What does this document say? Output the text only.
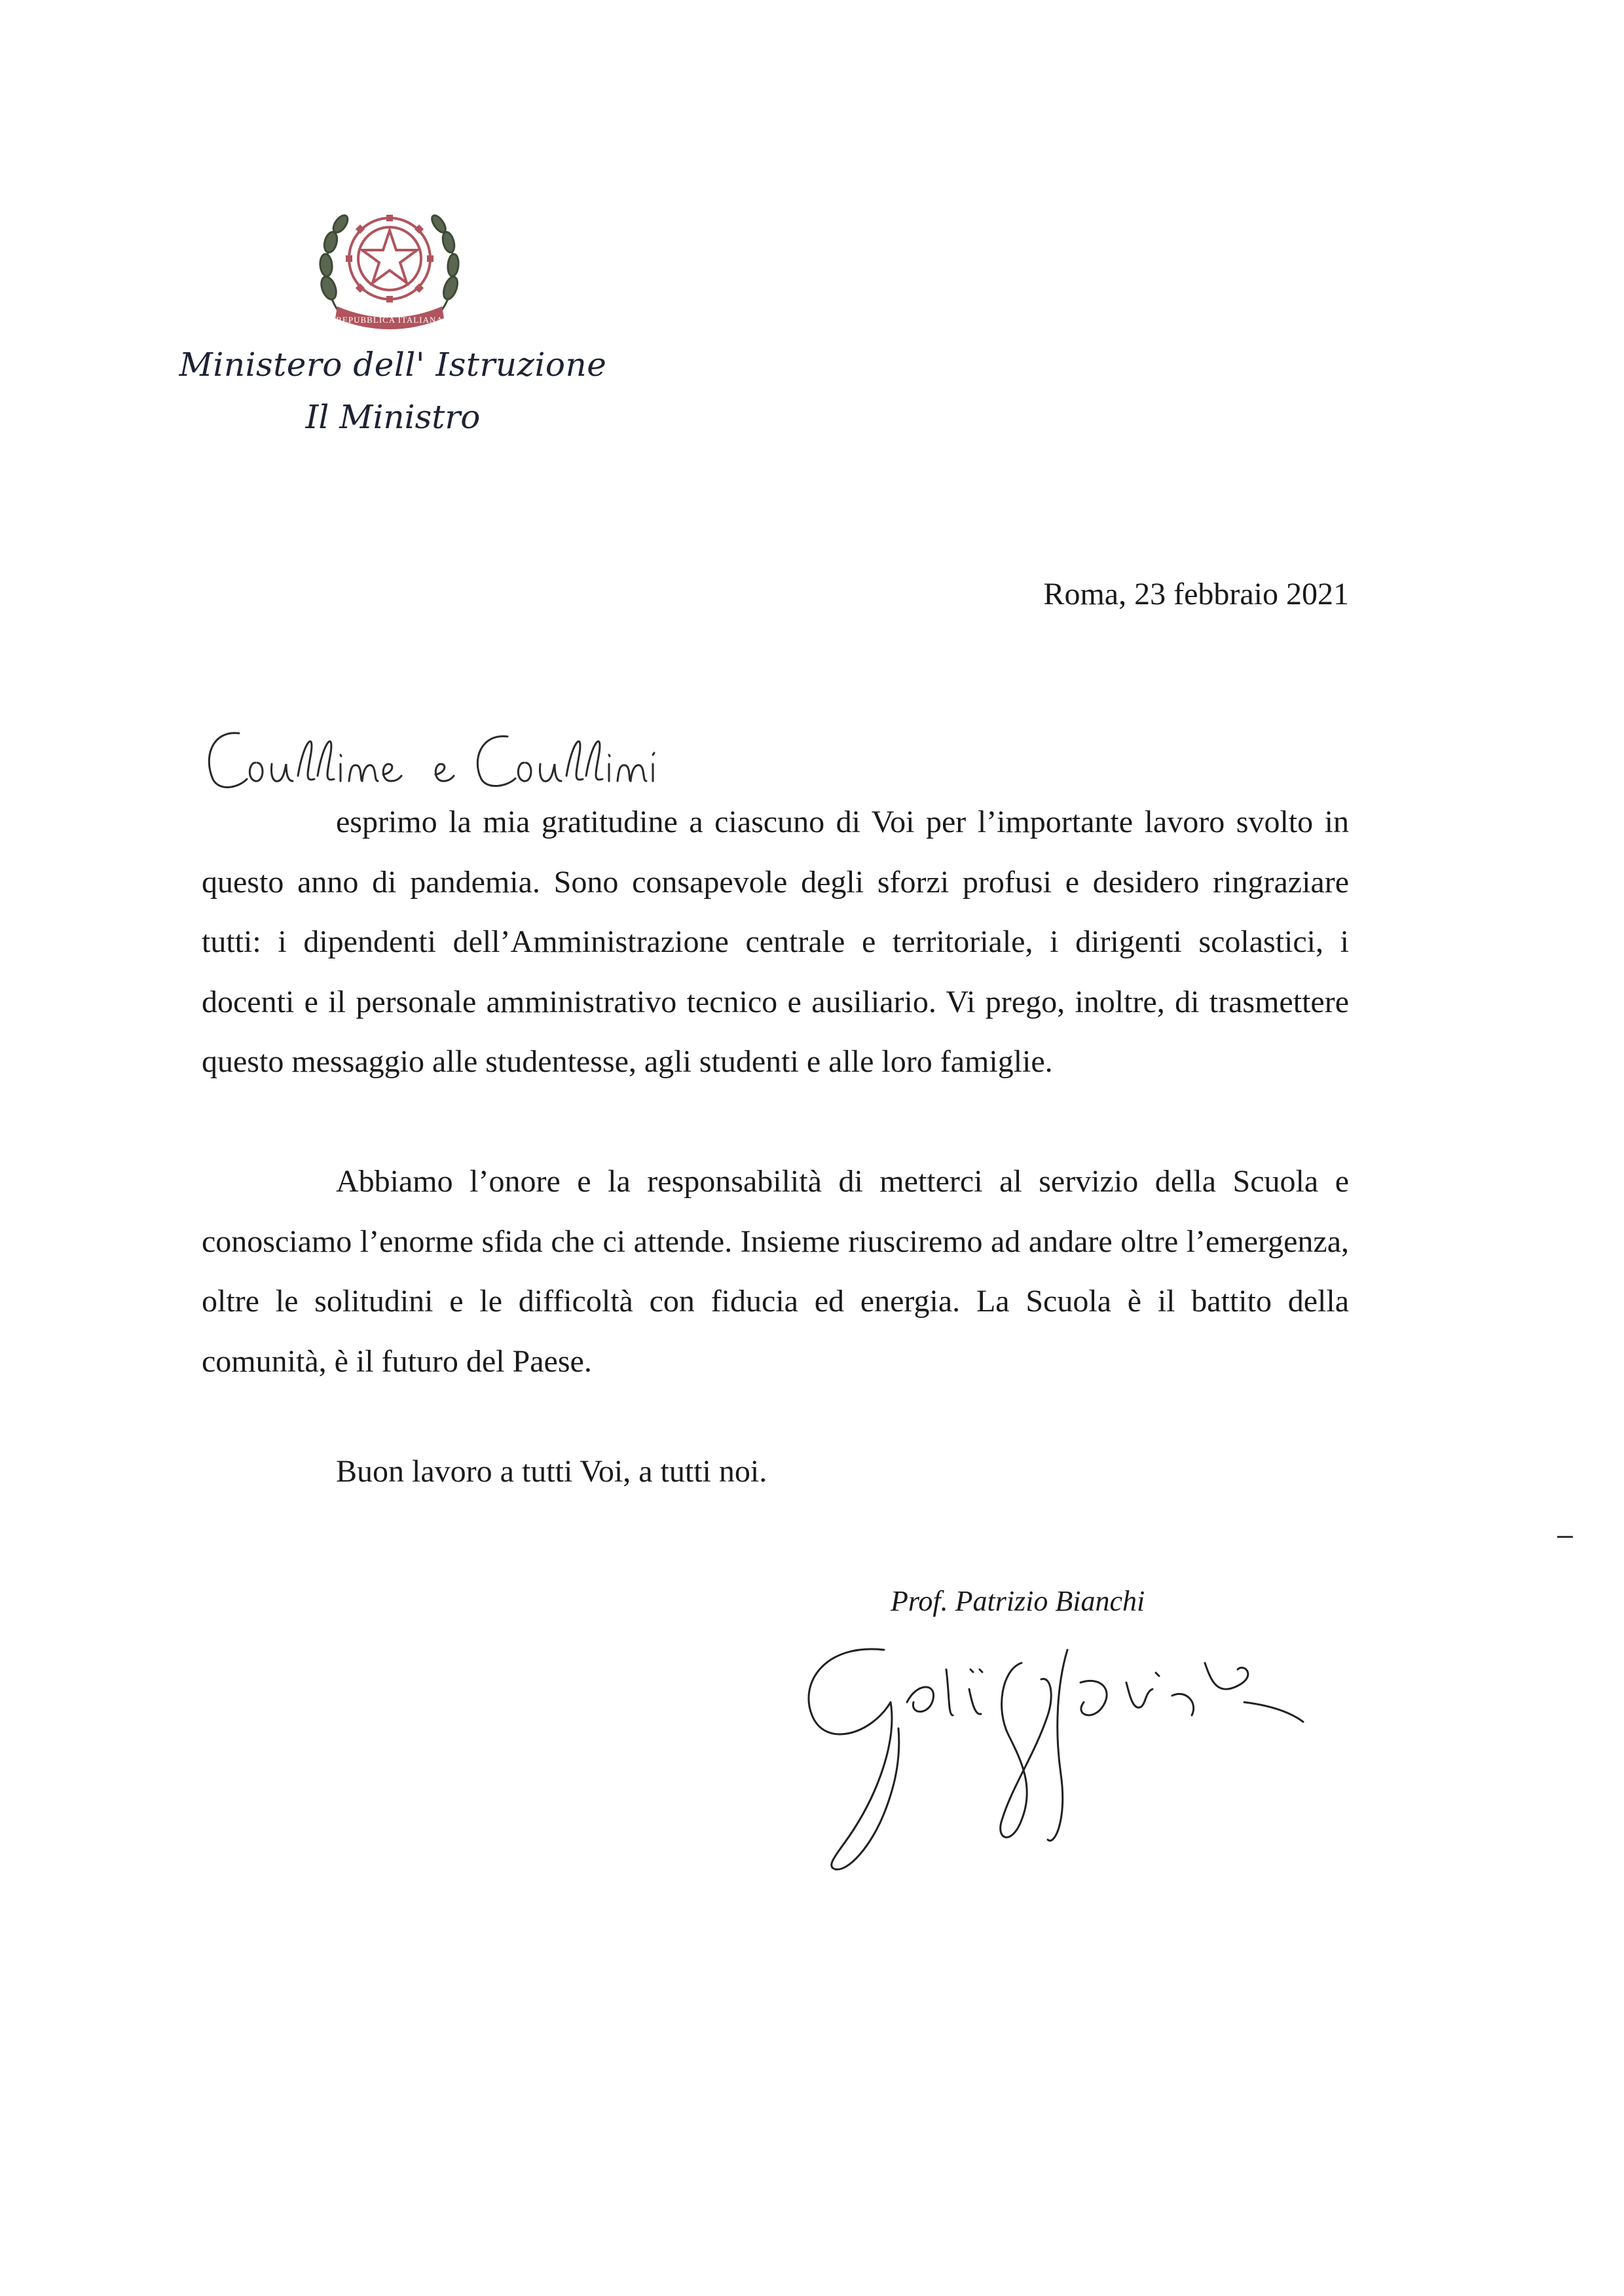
REPUBBLICA ITALIANA
Ministero dell' Istruzione
Il Ministro
Roma, 23 febbraio 2021

esprimo la mia gratitudine a ciascuno di Voi per l’importante lavoro svolto in questo anno di pandemia. Sono consapevole degli sforzi profusi e desidero ringraziare tutti: i dipendenti dell’Amministrazione centrale e territoriale, i dirigenti scolastici, i docenti e il personale amministrativo tecnico e ausiliario. Vi prego, inoltre, di trasmettere questo messaggio alle studentesse, agli studenti e alle loro famiglie.

Abbiamo l’onore e la responsabilità di metterci al servizio della Scuola e conosciamo l’enorme sfida che ci attende. Insieme riusciremo ad andare oltre l’emergenza, oltre le solitudini e le difficoltà con fiducia ed energia. La Scuola è il battito della comunità, è il futuro del Paese.

Buon lavoro a tutti Voi, a tutti noi.
Prof. Patrizio Bianchi
